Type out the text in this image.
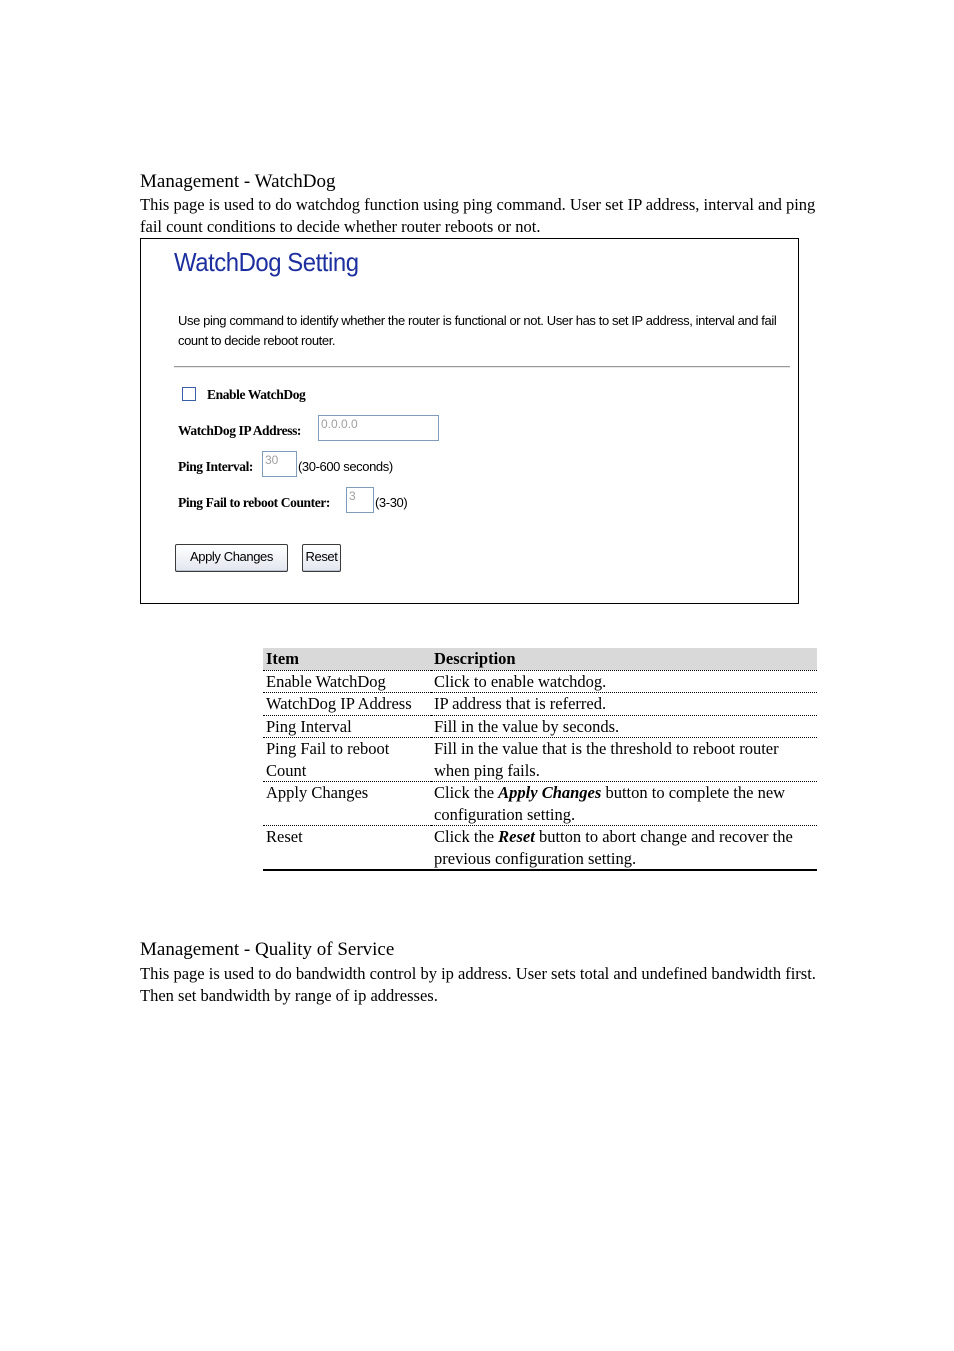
Management - WatchDog
This page is used to do watchdog function using ping command. User set IP address, interval and ping fail count conditions to decide whether router reboots or not.
WatchDog Setting
Use ping command to identify whether the router is functional or not. User has to set IP address, interval and fail count to decide reboot router.
Enable WatchDog
WatchDog IP Address: 0.0.0.0
Ping Interval: 30	(30-600 seconds)
Ping Fail to reboot Counter: 3	(3-30)
Apply Changes	Reset
Item	Description
Enable WatchDog	Click to enable watchdog.
WatchDog IP Address	IP address that is referred.
Ping Interval	Fill in the value by seconds.
Ping Fail to reboot Count	Fill in the value that is the threshold to reboot router when ping fails.
Apply Changes	Click the Apply Changes button to complete the new configuration setting.
Reset	Click the Reset button to abort change and recover the previous configuration setting.
Management - Quality of Service
This page is used to do bandwidth control by ip address. User sets total and undefined bandwidth first. Then set bandwidth by range of ip addresses.
